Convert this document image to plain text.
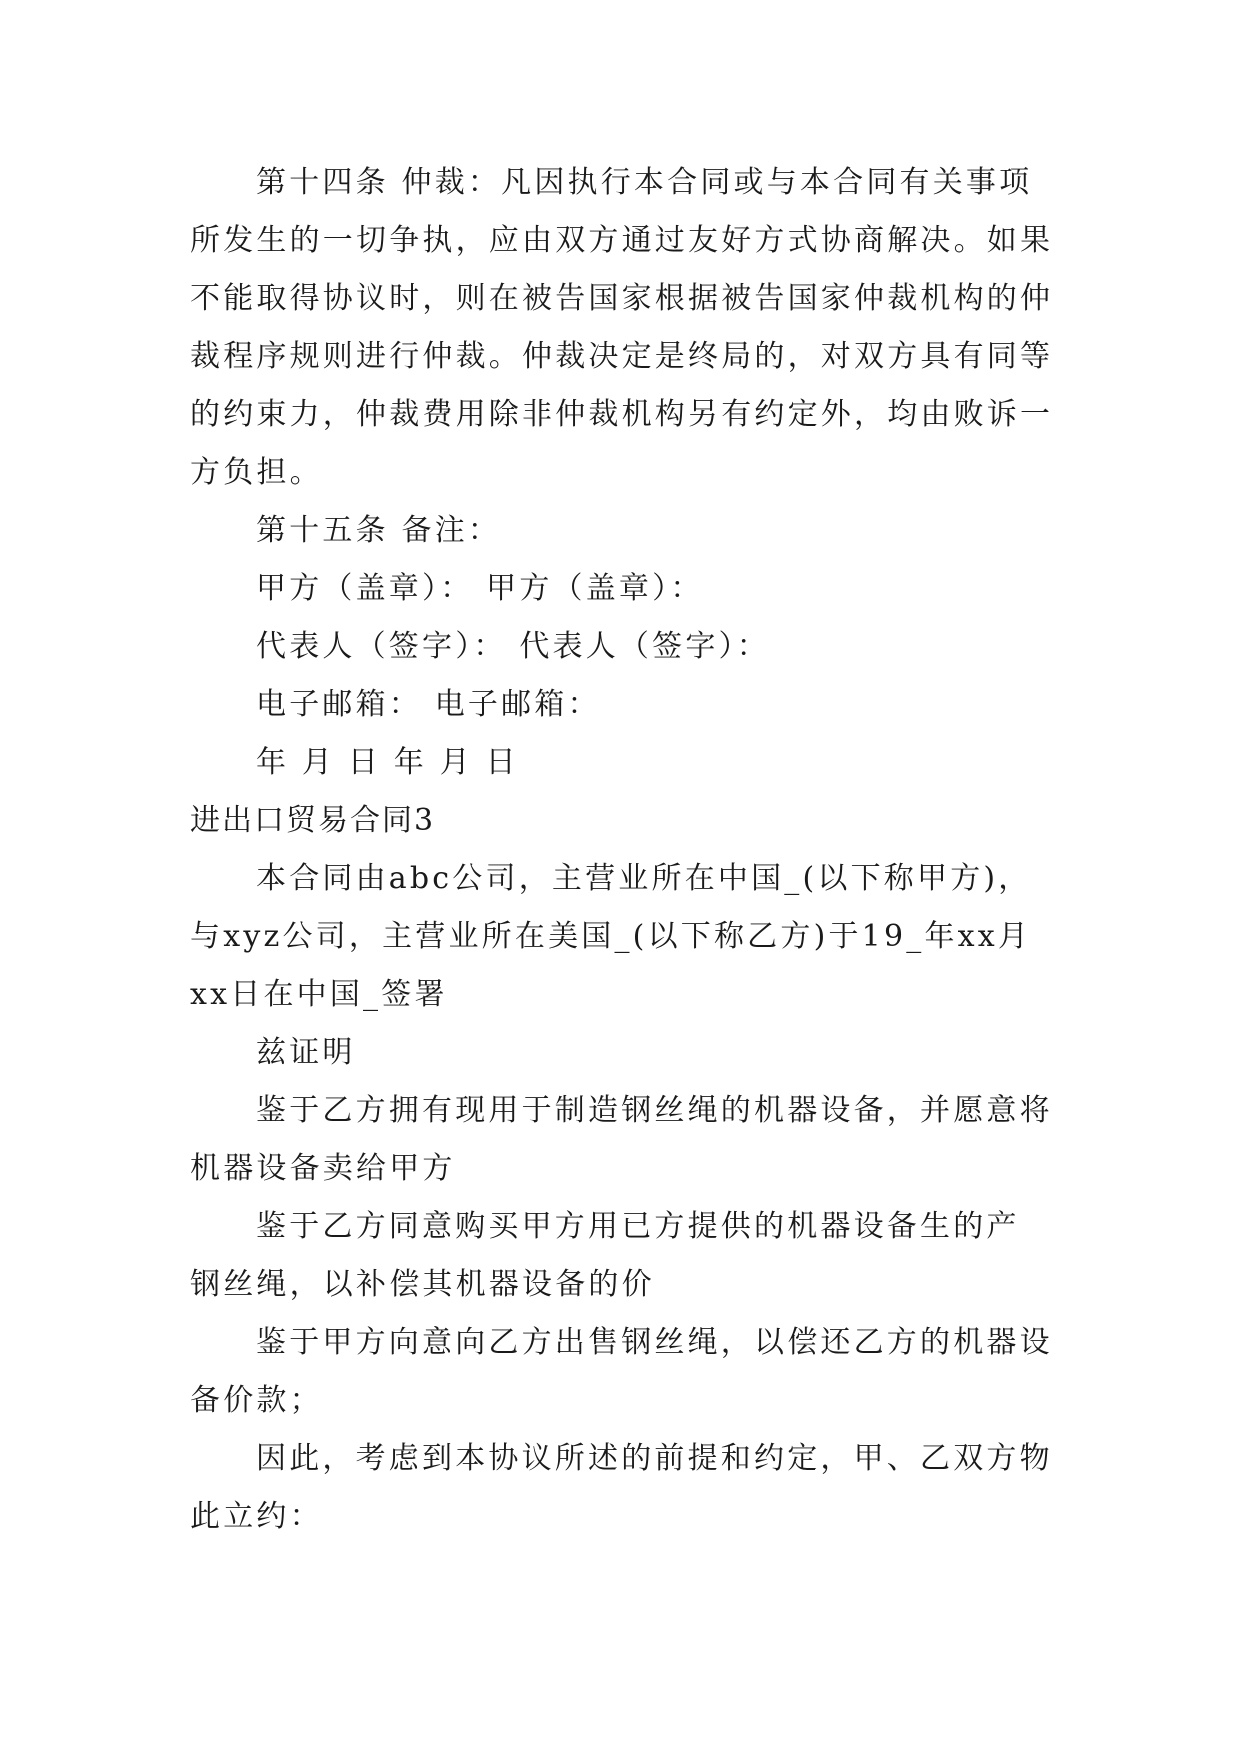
第十四条 仲裁：凡因执行本合同或与本合同有关事项
所发生的一切争执，应由双方通过友好方式协商解决。如果
不能取得协议时，则在被告国家根据被告国家仲裁机构的仲
裁程序规则进行仲裁。仲裁决定是终局的，对双方具有同等
的约束力，仲裁费用除非仲裁机构另有约定外，均由败诉一
方负担。
第十五条 备注：
甲方（盖章）： 甲方（盖章）：
代表人（签字）： 代表人（签字）：
电子邮箱： 电子邮箱：
年 月 日 年 月 日
进出口贸易合同3
本合同由abc公司，主营业所在中国_(以下称甲方)，
与xyz公司，主营业所在美国_(以下称乙方)于19_年xx月
xx日在中国_签署
兹证明
鉴于乙方拥有现用于制造钢丝绳的机器设备，并愿意将
机器设备卖给甲方
鉴于乙方同意购买甲方用已方提供的机器设备生的产
钢丝绳，以补偿其机器设备的价
鉴于甲方向意向乙方出售钢丝绳，以偿还乙方的机器设
备价款；
因此，考虑到本协议所述的前提和约定，甲、乙双方物
此立约：
